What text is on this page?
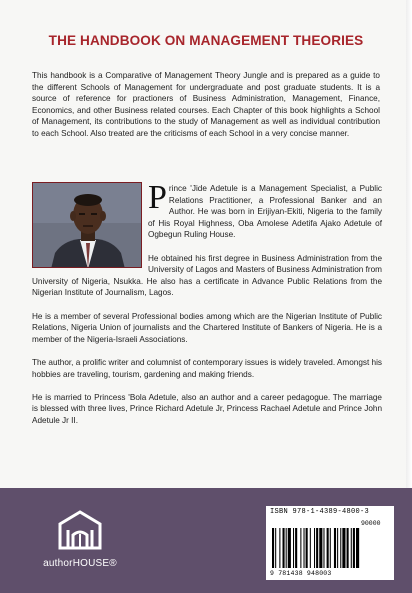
THE HANDBOOK ON MANAGEMENT THEORIES
This handbook is a Comparative of Management Theory Jungle and is prepared as a guide to the different Schools of Management for undergraduate and post graduate students. It is a source of reference for practioners of Business Administration, Management, Finance, Economics, and other Business related courses. Each Chapter of this book highlights a School of Management, its contributions to the study of Management as well as individual contribution to each School. Also treated are the criticisms of each School in a very concise manner.

Prince 'Jide Adetule is a Management Specialist, a Public Relations Practitioner, a Professional Banker and an Author. He was born in Erijiyan-Ekiti, Nigeria to the family of His Royal Highness, Oba Amolese Adetifa Ajako Adetule of Ogbegun Ruling House.

He obtained his first degree in Business Administration from the University of Lagos and Masters of Business Administration from University of Nigeria, Nsukka. He also has a certificate in Advance Public Relations from the Nigerian Institute of Journalism, Lagos.

He is a member of several Professional bodies among which are the Nigerian Institute of Public Relations, Nigeria Union of journalists and the Chartered Institute of Bankers of Nigeria. He is a member of the Nigeria-Israeli Associations.

The author, a prolific writer and columnist of contemporary issues is widely traveled. Amongst his hobbies are traveling, tourism, gardening and making friends.

He is married to Princess 'Bola Adetule, also an author and a career pedagogue. The marriage is blessed with three lives, Prince Richard Adetule Jr, Princess Rachael Adetule and Prince John Adetule Jr II.

authorHOUSE®
ISBN 978-1-4389-4800-3
90000
9 781438 948003
